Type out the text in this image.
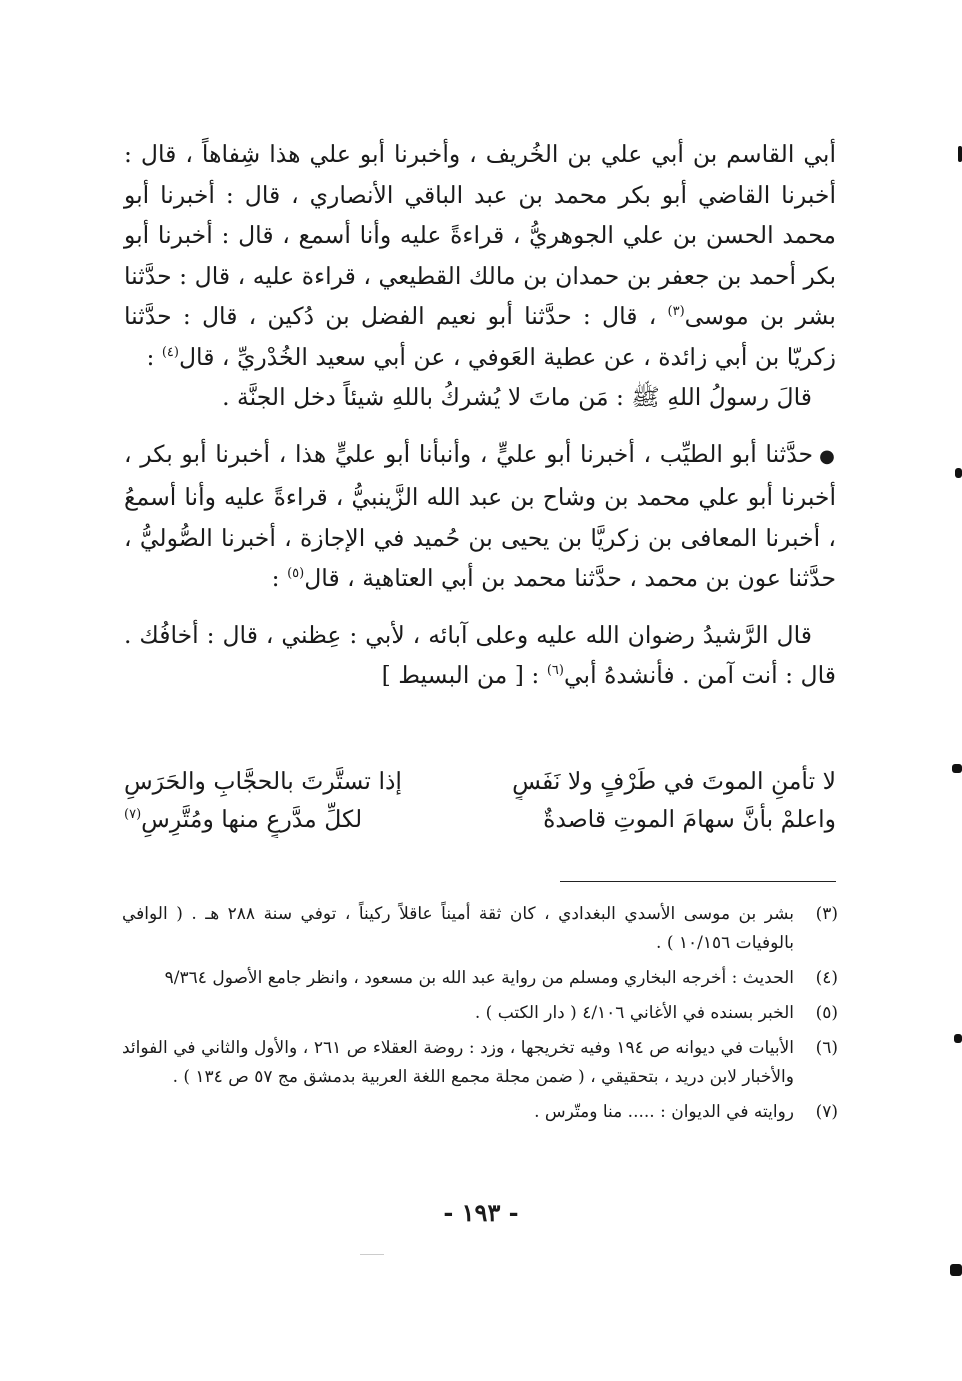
أبي القاسم بن أبي علي بن الخُريف ، وأخبرنا أبو علي هذا شِفاهاً ، قال : أخبرنا القاضي أبو بكر محمد بن عبد الباقي الأنصاري ، قال : أخبرنا أبو محمد الحسن بن علي الجوهريُّ ، قراءةً عليه وأنا أسمع ، قال : أخبرنا أبو بكر أحمد بن جعفر بن حمدان بن مالك القطيعي ، قراءة عليه ، قال : حدَّثنا بشر بن موسى$^{(٣)}$ ، قال : حدَّثنا أبو نعيم الفضل بن دُكين ، قال : حدَّثنا زكريّا بن أبي زائدة ، عن عطية العَوفي ، عن أبي سعيد الخُدْريِّ ، قال$^{(٤)}$ :

قالَ رسولُ اللهِ ﷺ : مَن ماتَ لا يُشركُ باللهِ شيئاً دخل الجنَّة .

●حدَّثنا أبو الطيِّب ، أخبرنا أبو عليٍّ ، وأنبأنا أبو عليٍّ هذا ، أخبرنا أبو بكر ، أخبرنا أبو علي محمد بن وشاح بن عبد الله الزَّينبيُّ ، قراءةً عليه وأنا أسمعُ ، أخبرنا المعافى بن زكريَّا بن يحيى بن حُميد في الإجازة ، أخبرنا الصُّوليُّ ، حدَّثنا عون بن محمد ، حدَّثنا محمد بن أبي العتاهية ، قال$^{(٥)}$ :

قال الرَّشيدُ رضوان الله عليه وعلى آبائه ، لأبي : عِظني ، قال : أخافُك . قال : أنت آمن . فأنشدهُ أبي$^{(٦)}$ : [ من البسيط ]

لا تأمنِ الموتَ في طَرْفٍ ولا نَفَسٍ
إذا تستَّرتَ بالحجَّابِ والحَرَسِ
واعلمْ بأنَّ سهامَ الموتِ قاصدةٌ
لكلِّ مدَّرعٍ منها ومُتَّرِسِ$^{(٧)}$
(٣)
بشر بن موسى الأسدي البغدادي ، كان ثقة أميناً عاقلاً ركيناً ، توفي سنة ٢٨٨ هـ . ( الوافي بالوفيات ١٠/١٥٦ ) .
(٤)
الحديث : أخرجه البخاري ومسلم من رواية عبد الله بن مسعود ، وانظر جامع الأصول ٩/٣٦٤
(٥)
الخبر بسنده في الأغاني ٤/١٠٦ ( دار الكتب ) .
(٦)
الأبيات في ديوانه ص ١٩٤ وفيه تخريجها ، وزد : روضة العقلاء ص ٢٦١ ، والأول والثاني في الفوائد والأخبار لابن دريد ، بتحقيقي ، ( ضمن مجلة مجمع اللغة العربية بدمشق مج ٥٧ ص ١٣٤ ) .
(٧)
روايته في الديوان : ..... منا ومتّرس .
- ١٩٣ -
